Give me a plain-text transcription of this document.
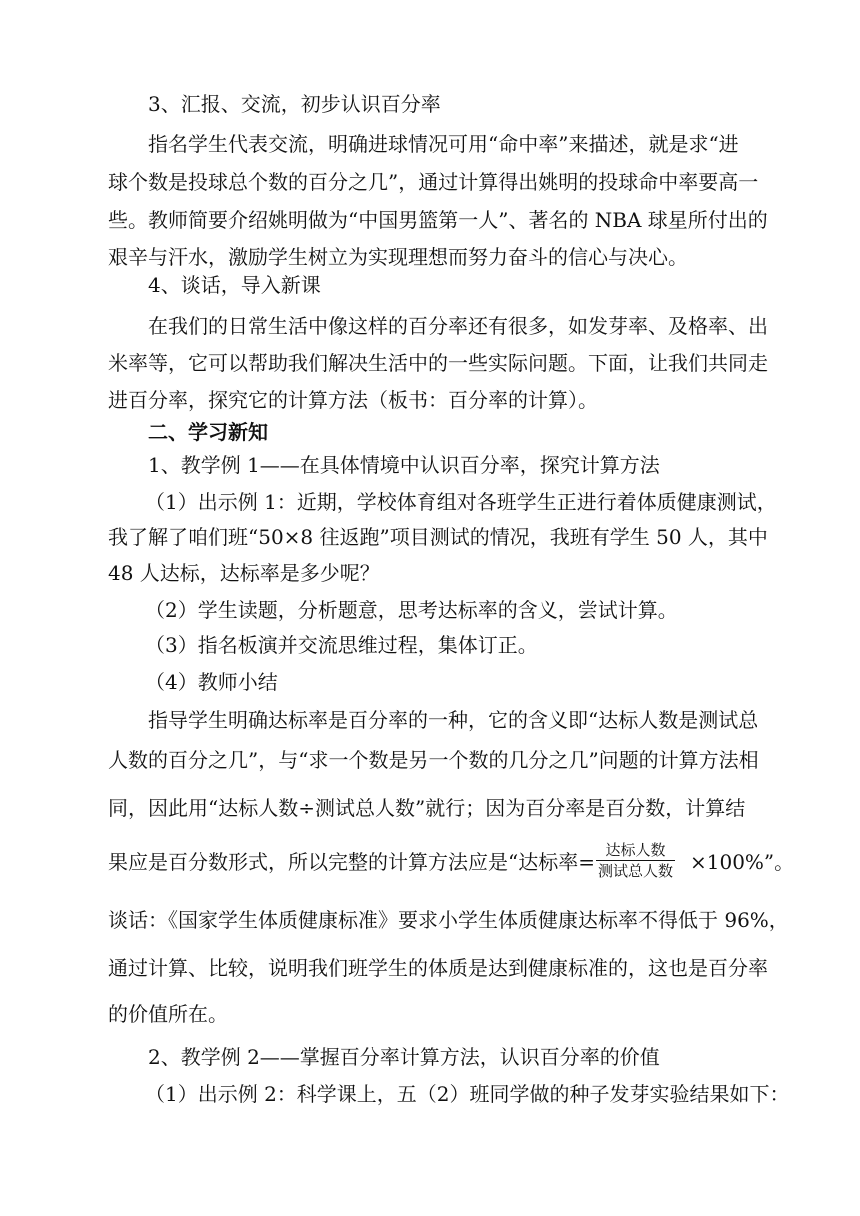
3、汇报、交流，初步认识百分率
指名学生代表交流，明确进球情况可用“命中率”来描述，就是求“进
球个数是投球总个数的百分之几”，通过计算得出姚明的投球命中率要高一
些。教师简要介绍姚明做为“中国男篮第一人”、著名的 NBA 球星所付出的
艰辛与汗水，激励学生树立为实现理想而努力奋斗的信心与决心。
4、谈话，导入新课
在我们的日常生活中像这样的百分率还有很多，如发芽率、及格率、出
米率等，它可以帮助我们解决生活中的一些实际问题。下面，让我们共同走
进百分率，探究它的计算方法（板书：百分率的计算）。
二、学习新知
1、教学例 1——在具体情境中认识百分率，探究计算方法
（1）出示例 1：近期，学校体育组对各班学生正进行着体质健康测试，
我了解了咱们班“50×8 往返跑”项目测试的情况，我班有学生 50 人，其中
48 人达标，达标率是多少呢？
（2）学生读题，分析题意，思考达标率的含义，尝试计算。
（3）指名板演并交流思维过程，集体订正。
（4）教师小结
指导学生明确达标率是百分率的一种，它的含义即“达标人数是测试总
人数的百分之几”，与“求一个数是另一个数的几分之几”问题的计算方法相
同，因此用“达标人数÷测试总人数”就行；因为百分率是百分数，计算结
果应是百分数形式，所以完整的计算方法应是“达标率= 达标人数
测试总人数 ×100%”。
谈话：《国家学生体质健康标准》要求小学生体质健康达标率不得低于 96%，
通过计算、比较，说明我们班学生的体质是达到健康标准的，这也是百分率
的价值所在。
2、教学例 2——掌握百分率计算方法，认识百分率的价值
（1）出示例 2：科学课上，五（2）班同学做的种子发芽实验结果如下：
